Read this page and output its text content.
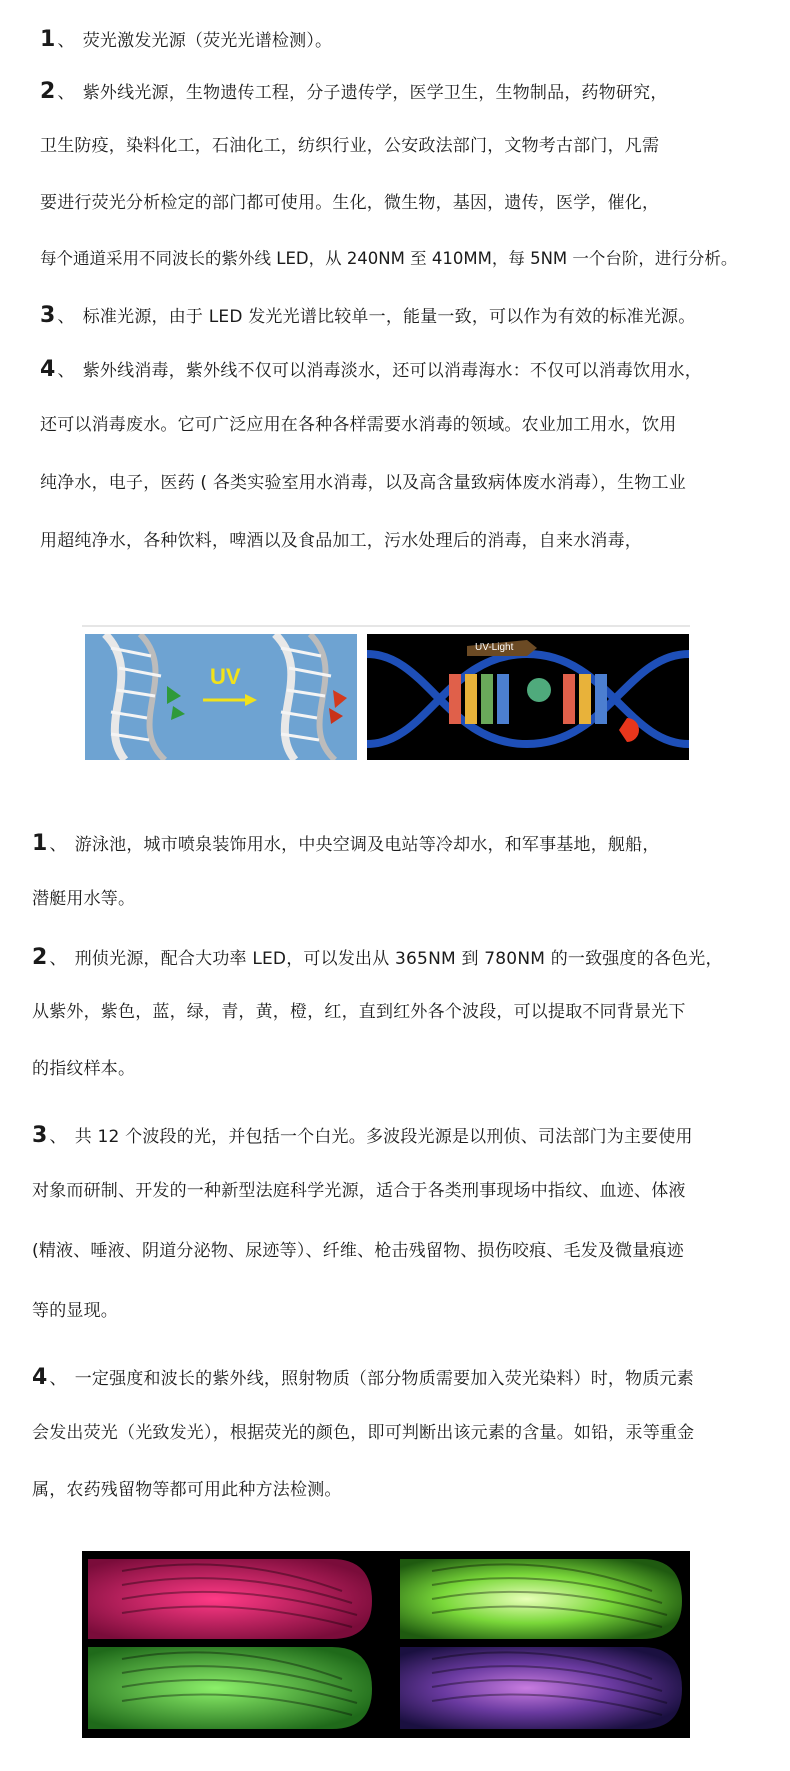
1 、 荧光激发光源（荧光光谱检测）。
2 、 紫外线光源，生物遗传工程，分子遗传学，医学卫生，生物制品，药物研究，
卫生防疫，染料化工，石油化工，纺织行业，公安政法部门，文物考古部门，凡需
要进行荧光分析检定的部门都可使用。生化，微生物，基因，遗传，医学，催化，
每个通道采用不同波长的紫外线 LED，从 240NM 至 410MM，每 5NM 一个台阶，进行分析。
3 、 标准光源，由于 LED 发光光谱比较单一，能量一致，可以作为有效的标准光源。
4 、 紫外线消毒，紫外线不仅可以消毒淡水，还可以消毒海水：不仅可以消毒饮用水，
还可以消毒废水。它可广泛应用在各种各样需要水消毒的领域。农业加工用水，饮用
纯净水，电子，医药 ( 各类实验室用水消毒，以及高含量致病体废水消毒），生物工业
用超纯净水，各种饮料，啤酒以及食品加工，污水处理后的消毒，自来水消毒，
UV
UV-Light
1 、 游泳池，城市喷泉装饰用水，中央空调及电站等冷却水，和军事基地，舰船，
潜艇用水等。
2 、 刑侦光源，配合大功率 LED，可以发出从 365NM 到 780NM 的一致强度的各色光，
从紫外，紫色，蓝，绿，青，黄，橙，红，直到红外各个波段，可以提取不同背景光下
的指纹样本。
3 、 共 12 个波段的光，并包括一个白光。多波段光源是以刑侦、司法部门为主要使用
对象而研制、开发的一种新型法庭科学光源，适合于各类刑事现场中指纹、血迹、体液
(精液、唾液、阴道分泌物、尿迹等）、纤维、枪击残留物、损伤咬痕、毛发及微量痕迹
等的显现。
4 、 一定强度和波长的紫外线，照射物质（部分物质需要加入荧光染料）时，物质元素
会发出荧光（光致发光），根据荧光的颜色，即可判断出该元素的含量。如铅，汞等重金
属，农药残留物等都可用此种方法检测。
